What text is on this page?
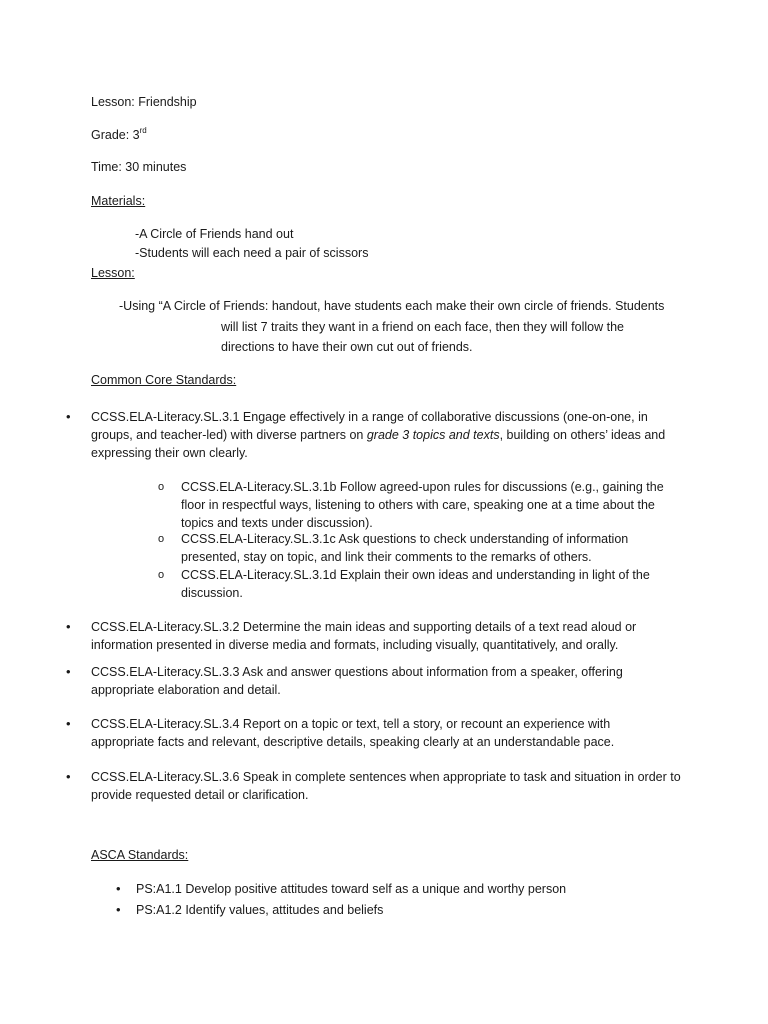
Lesson: Friendship
Grade: 3rd
Time: 30 minutes
Materials:
-A Circle of Friends hand out
-Students will each need a pair of scissors
Lesson:
-Using “A Circle of Friends: handout, have students each make their own circle of friends. Students
will list 7 traits they want in a friend on each face, then they will follow the
directions to have their own cut out of friends.
Common Core Standards:
• CCSS.ELA-Literacy.SL.3.1 Engage effectively in a range of collaborative discussions (one-on-one, in
groups, and teacher-led) with diverse partners on grade 3 topics and texts, building on others’ ideas and
expressing their own clearly.
o CCSS.ELA-Literacy.SL.3.1b Follow agreed-upon rules for discussions (e.g., gaining the
floor in respectful ways, listening to others with care, speaking one at a time about the
topics and texts under discussion).
o CCSS.ELA-Literacy.SL.3.1c Ask questions to check understanding of information
presented, stay on topic, and link their comments to the remarks of others.
o CCSS.ELA-Literacy.SL.3.1d Explain their own ideas and understanding in light of the
discussion.
• CCSS.ELA-Literacy.SL.3.2 Determine the main ideas and supporting details of a text read aloud or
information presented in diverse media and formats, including visually, quantitatively, and orally.
• CCSS.ELA-Literacy.SL.3.3 Ask and answer questions about information from a speaker, offering
appropriate elaboration and detail.
• CCSS.ELA-Literacy.SL.3.4 Report on a topic or text, tell a story, or recount an experience with
appropriate facts and relevant, descriptive details, speaking clearly at an understandable pace.
• CCSS.ELA-Literacy.SL.3.6 Speak in complete sentences when appropriate to task and situation in order to
provide requested detail or clarification.
ASCA Standards:
• PS:A1.1 Develop positive attitudes toward self as a unique and worthy person
• PS:A1.2 Identify values, attitudes and beliefs
